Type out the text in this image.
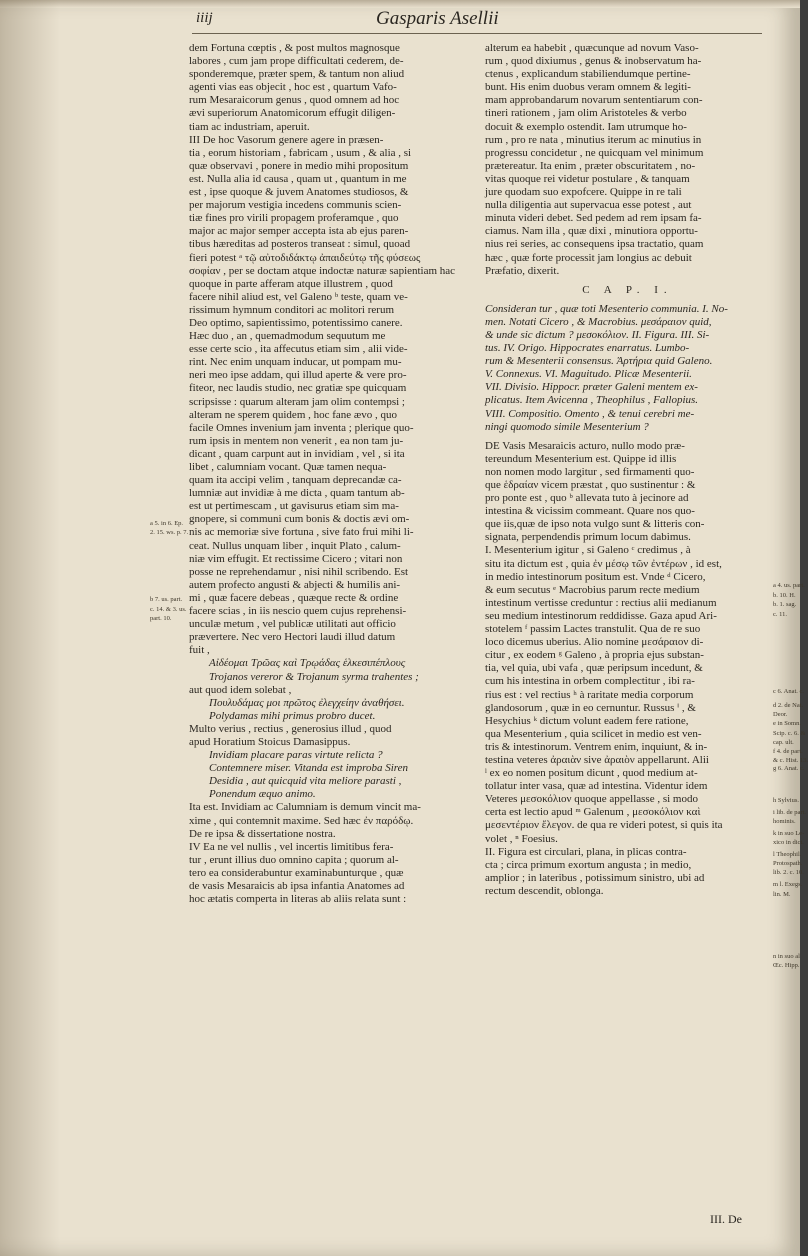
iiij	Gasparis Asellii
dem Fortuna cœptis , & post multos magnosque
labores , cum jam prope difficultati cederem, de-
sponderemque, præter spem, & tantum non aliud
agenti vias eas objecit , hoc est , quartum Vafo-
rum Mesaraicorum genus , quod omnem ad hoc
ævi superiorum Anatomicorum effugit diligen-
tiam ac industriam, aperuit.
III De hoc Vasorum genere agere in præsen-
tia , eorum historiam , fabricam , usum , & alia , si
quæ observavi , ponere in medio mihi propositum
est. Nulla alia id causa , quam ut , quantum in me
est , ipse quoque & juvem Anatomes studiosos, &
per majorum vestigia incedens communis scien-
tiæ fines pro virili propagem proferamque , quo
major ac major semper accepta ista ab ejus paren-
tibus hæreditas ad posteros transeat : simul, quoad
fieri potest ᵃ τῷ αὐτοδιδάκτῳ ἀπαιδεύτῳ τῆς φύσεως
σοφίαν , per se doctam atque indoctæ naturæ sapientiam hac
quoque in parte afferam atque illustrem , quod
facere nihil aliud est, vel Galeno ᵇ teste, quam ve-
rissimum hymnum conditori ac molitori rerum
Deo optimo, sapientissimo, potentissimo canere.
Hæc duo , an , quemadmodum sequutum me
esse certe scio , ita affecutus etiam sim , alii vide-
rint. Nec enim unquam inducar, ut pompam mu-
neri meo ipse addam, qui illud aperte & vere pro-
fiteor, nec laudis studio, nec gratiæ spe quicquam
scripsisse : quarum alteram jam olim contempsi ;
alteram ne sperem quidem , hoc fane ævo , quo
facile Omnes invenium jam inventa ; plerique quo-
rum ipsis in mentem non venerit , ea non tam ju-
dicant , quam carpunt aut in invidiam , vel , si ita
libet , calumniam vocant. Quæ tamen nequa-
quam ita accipi velim , tanquam deprecandæ ca-
lumniæ aut invidiæ à me dicta , quam tantum ab-
est ut pertimescam , ut gavisurus etiam sim ma-
gnopere, si communi cum bonis & doctis ævi om-
nis ac memoriæ sive fortuna , sive fato frui mihi li-
ceat. Nullus unquam liber , inquit Plato , calum-
niæ vim effugit. Et rectissime Cicero ; vitari non
posse ne reprehendamur , nisi nihil scribendo. Est
autem profecto angusti & abjecti & humilis ani-
mi , quæ facere debeas , quæque recte & ordine
facere scias , in iis nescio quem cujus reprehensi-
unculæ metum , vel publicæ utilitati aut officio
prævertere. Nec vero Hectori laudi illud datum
fuit ,
Αἰδέομαι Τρῶας καὶ Τρῳάδας ἑλκεσιπέπλους
Trojanos vereror & Trojanum syrma trahentes ;
aut quod idem solebat ,
Πουλυδάμας μοι πρῶτος ἐλεγχείην ἀναθήσει.
Polydamas mihi primus probro ducet.
Multo verius , rectius , generosius illud , quod
apud Horatium Stoicus Damasippus.
Invidiam placare paras virtute relicta ?
Contemnere miser. Vitanda est improba Siren
Desidia , aut quicquid vita meliore parasti ,
Ponendum æquo animo.
Ita est. Invidiam ac Calumniam is demum vincit ma-
xime , qui contemnit maxime. Sed hæc ἐν παρόδῳ.
De re ipsa & dissertatione nostra.
IV Ea ne vel nullis , vel incertis limitibus fera-
tur , erunt illius duo omnino capita ; quorum al-
tero ea considerabuntur examinabunturque , quæ
de vasis Mesaraicis ab ipsa infantia Anatomes ad
hoc ætatis comperta in literas ab aliis relata sunt :
alterum ea habebit , quæcunque ad novum Vaso-
rum , quod dixiumus , genus & inobservatum ha-
ctenus , explicandum stabiliendumque pertine-
bunt. His enim duobus veram omnem & legiti-
mam approbandarum novarum sententiarum con-
tineri rationem , jam olim Aristoteles & verbo
docuit & exemplo ostendit. Iam utrumque ho-
rum , pro re nata , minutius iterum ac minutius in
progressu concidetur , ne quicquam vel minimum
prætereatur. Ita enim , præter obscuritatem , no-
vitas quoque rei videtur postulare , & tanquam
jure quodam suo expofcere. Quippe in re tali
nulla diligentia aut supervacua esse potest , aut
minuta videri debet. Sed pedem ad rem ipsam fa-
ciamus. Nam illa , quæ dixi , minutiora opportu-
nius rei series, ac consequens ipsa tractatio, quam
hæc , quæ forte processit jam longius ac debuit
Præfatio, dixerit.
C A P. I.
Consideran tur , quæ toti Mesenterio communia. I. No-
men. Notati Cicero , & Macrobius. μεσάραιον quid,
& unde sic dictum ? μεσοκόλιον. II. Figura. III. Si-
tus. IV. Origo. Hippocrates enarratus. Lumbo-
rum & Mesenterii consensus. Ἀρτήρια quid Galeno.
V. Connexus. VI. Maguitudo. Plicæ Mesenterii.
VII. Divisio. Hippocr. præter Galeni mentem ex-
plicatus. Item Avicenna , Theophilus , Fallopius.
VIII. Compositio. Omento , & tenui cerebri me-
ningi quomodo simile Mesenterium ?
DE Vasis Mesaraicis acturo, nullo modo præ-
tereundum Mesenterium est. Quippe id illis
non nomen modo largitur , sed firmamenti quo-
que ἑδραίαν vicem præstat , quo sustinentur : &
pro ponte est , quo ᵇ allevata tuto à jecinore ad
intestina & vicissim commeant. Quare nos quo-
que iis,quæ de ipso nota vulgo sunt & litteris con-
signata, perpendendis primum locum dabimus.
I. Mesenterium igitur , si Galeno ᶜ credimus , à
situ ita dictum est , quia ἐν μέσῳ τῶν ἐντέρων , id est,
in medio intestinorum positum est. Vnde ᵈ Cicero,
& eum secutus ᵉ Macrobius parum recte medium
intestinum vertisse creduntur : rectius alii medianum
seu medium intestinorum reddidisse. Gaza apud Ari-
stotelem ᶠ passim Lactes transtulit. Qua de re suo
loco dicemus uberius. Alio nomine μεσάραιον di-
citur , ex eodem ᵍ Galeno , à propria ejus substan-
tia, vel quia, ubi vafa , quæ peripsum incedunt, &
cum his intestina in orbem complectitur , ibi ra-
rius est : vel rectius ʰ à raritate media corporum
glandosorum , quæ in eo cernuntur. Russus ⁱ , &
Hesychius ᵏ dictum volunt eadem fere ratione,
qua Mesenterium , quia scilicet in medio est ven-
tris & intestinorum. Ventrem enim, inquiunt, & in-
testina veteres ἀραιὰν sive ἀραιὸν appellarunt. Alii
ˡ ex eo nomen positum dicunt , quod medium at-
tollatur inter vasa, quæ ad intestina. Videntur idem
Veteres μεσοκόλιον quoque appellasse , si modo
certa est lectio apud ᵐ Galenum , μεσοκόλιον καὶ
μεσεντέριον ἔλεγον. de qua re videri potest, si quis ita
volet , ⁿ Foesius.
II. Figura est circulari, plana, in plicas contra-
cta ; circa primum exortum angusta ; in medio,
amplior ; in lateribus , potissimum sinistro, ubi ad
rectum descendit, oblonga.
a 5. in 6. Ep.
2. 15. ws. p. 7.
b 7. us. part.
c. 14. & 3. us.
part. 10.
a 4. us. part.
b. 10. H.
b. 1. sag.
c. 11.
c 6. Anat. c.
d 2. de Nat.
Deor.
e in Somn.
Scip. c. 6. &
cap. ult.
f 4. de part.
& c. Hist. 13.
g 6. Anat. c.
h Sylvius.
i lib. de part.
hominis.
k in suo Le-
xico in dict.
l Theophil.
Protospath.
lib. 2. c. 10.
m l. Exegs.
lin. M.
n in suo al
Œc. Hipp.
III. De
